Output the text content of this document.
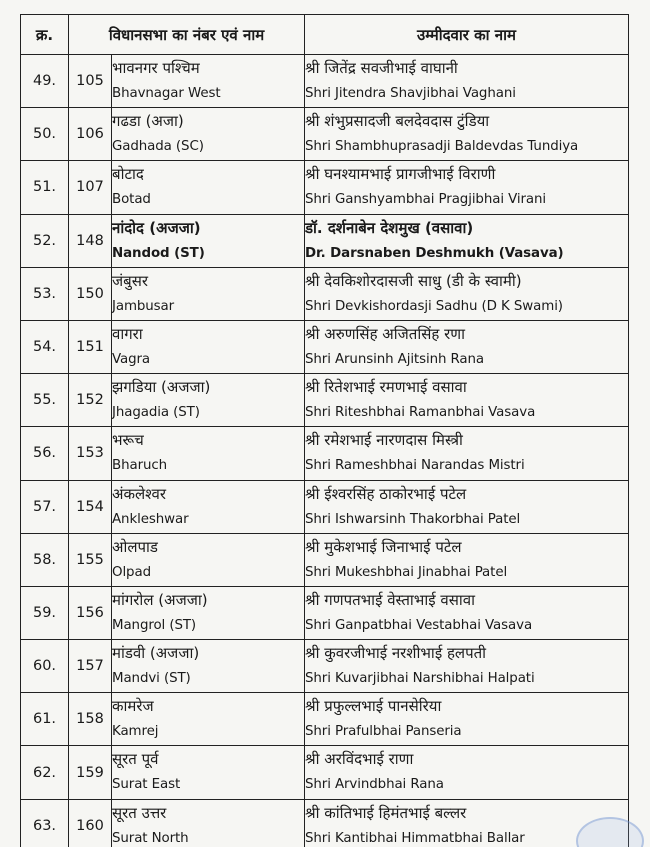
क्र.	विधानसभा का नंबर एवं नाम		उम्मीदवार का नाम
49.	105	भावनगर पश्चिम
Bhavnagar West	श्री जितेंद्र सवजीभाई वाघानी
Shri Jitendra Shavjibhai Vaghani

50.	106	गढडा (अजा)
Gadhada (SC)	श्री शंभुप्रसादजी बलदेवदास टुंडिया
Shri Shambhuprasadji Baldevdas Tundiya

51.	107	बोटाद
Botad	श्री घनश्यामभाई प्रागजीभाई विराणी
Shri Ganshyambhai Pragjibhai Virani

52.	148	नांदोद (अजजा)
Nandod (ST)	डॉ. दर्शनाबेन देशमुख (वसावा)
Dr. Darsnaben Deshmukh (Vasava)

53.	150	जंबुसर
Jambusar	श्री देवकिशोरदासजी साधु (डी के स्वामी)
Shri Devkishordasji Sadhu (D K Swami)

54.	151	वागरा
Vagra	श्री अरुणसिंह अजितसिंह रणा
Shri Arunsinh Ajitsinh Rana

55.	152	झगडिया (अजजा)
Jhagadia (ST)	श्री रितेशभाई रमणभाई वसावा
Shri Riteshbhai Ramanbhai Vasava

56.	153	भरूच
Bharuch	श्री रमेशभाई नारणदास मिस्त्री
Shri Rameshbhai Narandas Mistri

57.	154	अंकलेश्वर
Ankleshwar	श्री ईश्वरसिंह ठाकोरभाई पटेल
Shri Ishwarsinh Thakorbhai Patel

58.	155	ओलपाड
Olpad	श्री मुकेशभाई जिनाभाई पटेल
Shri Mukeshbhai Jinabhai Patel

59.	156	मांगरोल (अजजा)
Mangrol (ST)	श्री गणपतभाई वेस्ताभाई वसावा
Shri Ganpatbhai Vestabhai Vasava

60.	157	मांडवी (अजजा)
Mandvi (ST)	श्री कुवरजीभाई नरशीभाई हलपती
Shri Kuvarjibhai Narshibhai Halpati

61.	158	कामरेज
Kamrej	श्री प्रफुल्लभाई पानसेरिया
Shri Prafulbhai Panseria

62.	159	सूरत पूर्व
Surat East	श्री अरविंदभाई राणा
Shri Arvindbhai Rana

63.	160	सूरत उत्तर
Surat North	श्री कांतिभाई हिमंतभाई बल्लर
Shri Kantibhai Himmatbhai Ballar
